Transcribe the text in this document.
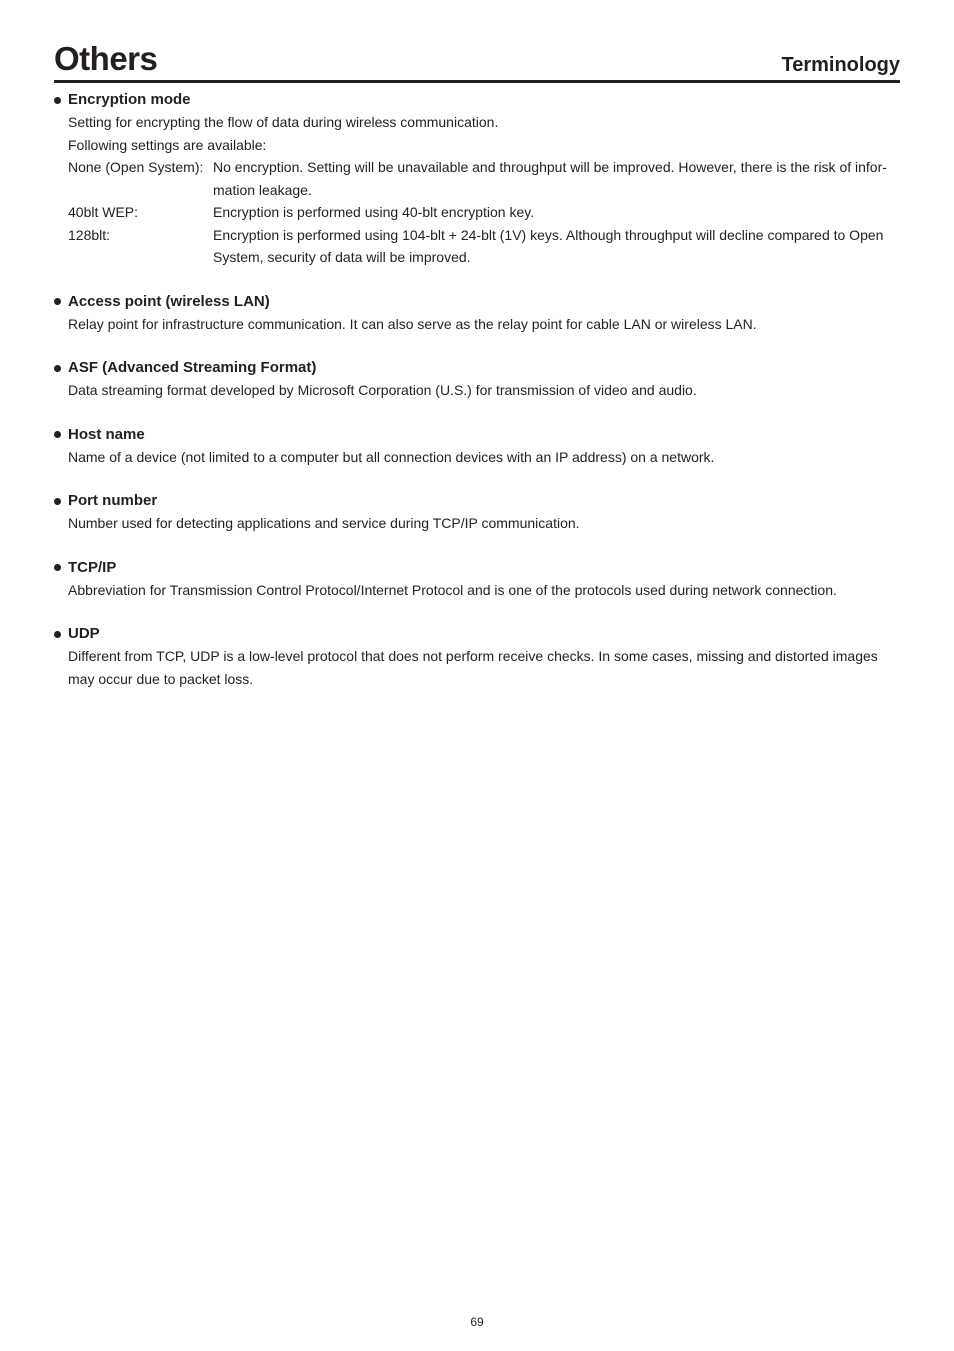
Others	Terminology
Encryption mode

Setting for encrypting the flow of data during wireless communication.

Following settings are available:

None (Open System): No encryption. Setting will be unavailable and throughput will be improved. However, there is the risk of infor-
mation leakage.
40blt WEP:	Encryption is performed using 40-blt encryption key.
128blt:	Encryption is performed using 104-blt + 24-blt (1V) keys. Although throughput will decline compared to Open
System, security of data will be improved.
Access point (wireless LAN)

Relay point for infrastructure communication. It can also serve as the relay point for cable LAN or wireless LAN.

ASF (Advanced Streaming Format)

Data streaming format developed by Microsoft Corporation (U.S.) for transmission of video and audio.

Host name

Name of a device (not limited to a computer but all connection devices with an IP address) on a network.

Port number

Number used for detecting applications and service during TCP/IP communication.

TCP/IP

Abbreviation for Transmission Control Protocol/Internet Protocol and is one of the protocols used during network connection.

UDP

Different from TCP, UDP is a low-level protocol that does not perform receive checks. In some cases, missing and distorted images

may occur due to packet loss.

69
